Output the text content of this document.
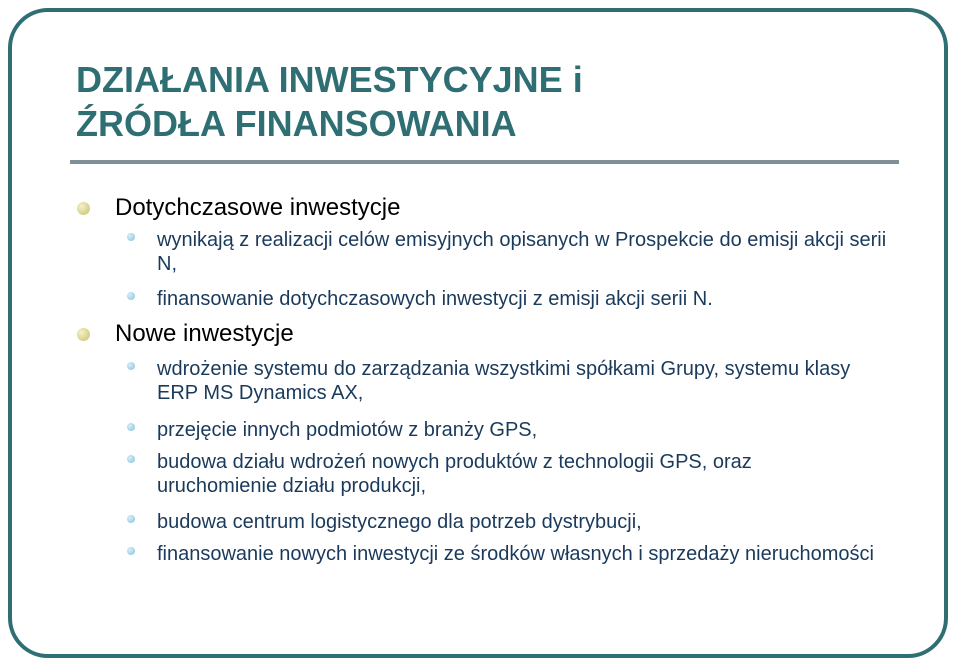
DZIAŁANIA INWESTYCYJNE i
ŹRÓDŁA FINANSOWANIA
Dotychczasowe inwestycje
wynikają z realizacji celów emisyjnych opisanych w Prospekcie do emisji akcji serii N,
finansowanie dotychczasowych inwestycji z emisji akcji serii N.
Nowe inwestycje
wdrożenie systemu do zarządzania wszystkimi spółkami Grupy, systemu klasy ERP MS Dynamics AX,
przejęcie innych podmiotów z branży GPS,
budowa działu wdrożeń nowych produktów z technologii GPS, oraz uruchomienie działu produkcji,
budowa centrum logistycznego dla potrzeb dystrybucji,
finansowanie nowych inwestycji ze środków własnych i sprzedaży nieruchomości
